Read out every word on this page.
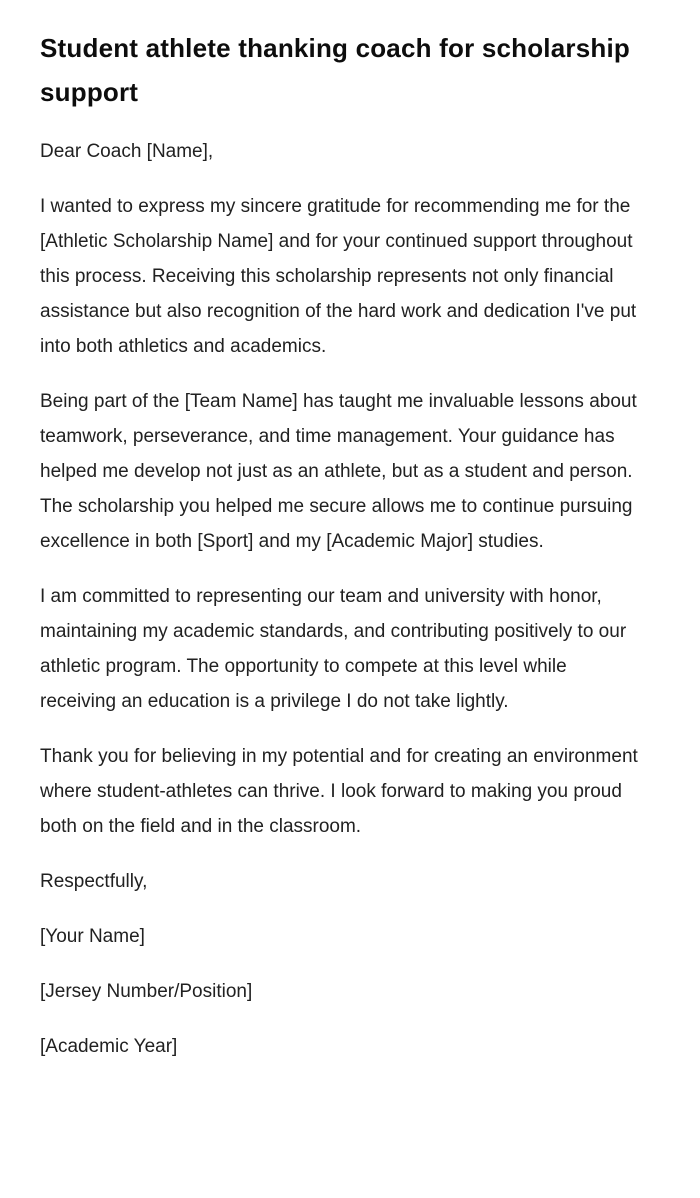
Student athlete thanking coach for scholarship support

Dear Coach [Name],

I wanted to express my sincere gratitude for recommending me for the [Athletic Scholarship Name] and for your continued support throughout this process. Receiving this scholarship represents not only financial assistance but also recognition of the hard work and dedication I've put into both athletics and academics.

Being part of the [Team Name] has taught me invaluable lessons about teamwork, perseverance, and time management. Your guidance has helped me develop not just as an athlete, but as a student and person. The scholarship you helped me secure allows me to continue pursuing excellence in both [Sport] and my [Academic Major] studies.

I am committed to representing our team and university with honor, maintaining my academic standards, and contributing positively to our athletic program. The opportunity to compete at this level while receiving an education is a privilege I do not take lightly.

Thank you for believing in my potential and for creating an environment where student-athletes can thrive. I look forward to making you proud both on the field and in the classroom.

Respectfully,

[Your Name]

[Jersey Number/Position]

[Academic Year]
